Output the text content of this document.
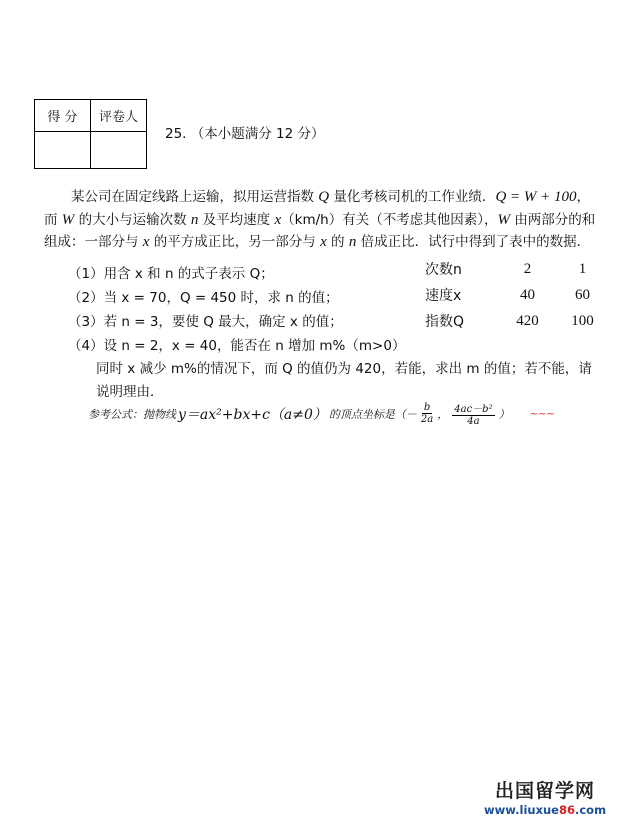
得 分	评卷人

25. （本小题满分 12 分）
某公司在固定线路上运输，拟用运营指数 Q 量化考核司机的工作业绩．Q = W + 100，而 W 的大小与运输次数 n 及平均速度 x（km/h）有关（不考虑其他因素），W 由两部分的和组成：一部分与 x 的平方成正比，另一部分与 x 的 n 倍成正比．试行中得到了表中的数据．
（1）用含 x 和 n 的式子表示 Q；
（2）当 x = 70，Q = 450 时，求 n 的值；
（3）若 n = 3，要使 Q 最大，确定 x 的值；
（4）设 n = 2，x = 40，能否在 n 增加 m%（m>0）
同时 x 减少 m%的情况下，而 Q 的值仍为 420，若能，求出 m 的值；若不能，请
说明理由．
次数n	2	1
速度x	40	60
指数Q	420	100
参考公式：抛物线 y＝ax²+bx+c（a≠0） 的顶点坐标是（－ $\frac{b}{2a}$ ， $\frac{\text{4ac－b²}}{4a}$ ） ~~~
出国留学网
www.liuxue86.com
